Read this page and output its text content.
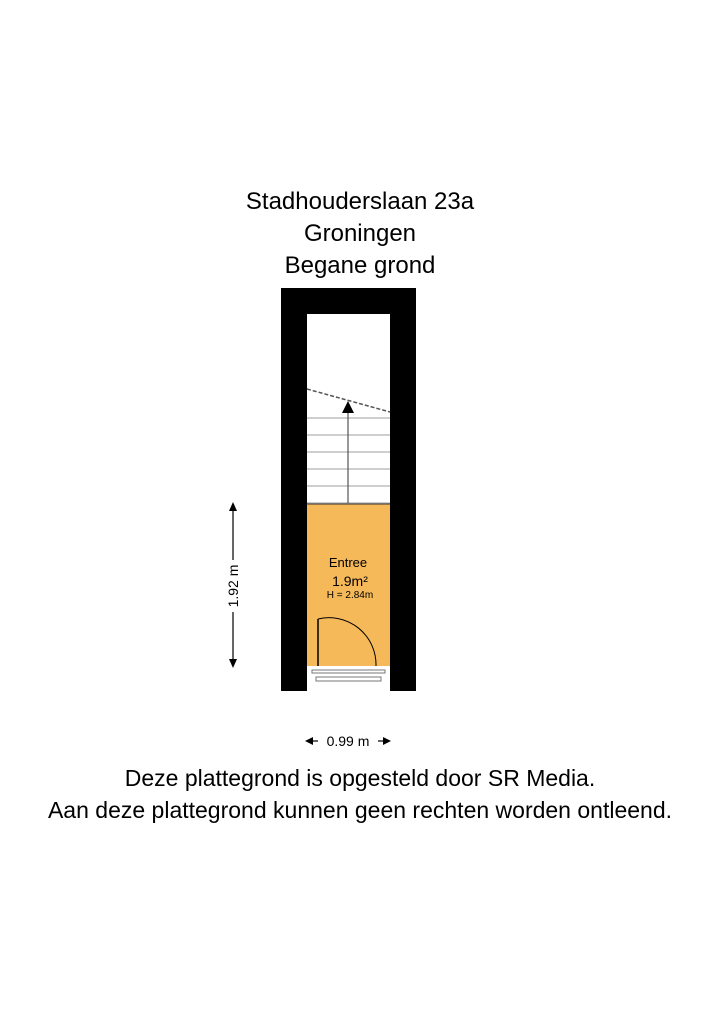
Stadhouderslaan 23a
Groningen
Begane grond
Entree
1.9m²
H = 2.84m
1.92 m
0.99 m
Deze plattegrond is opgesteld door SR Media.
Aan deze plattegrond kunnen geen rechten worden ontleend.
